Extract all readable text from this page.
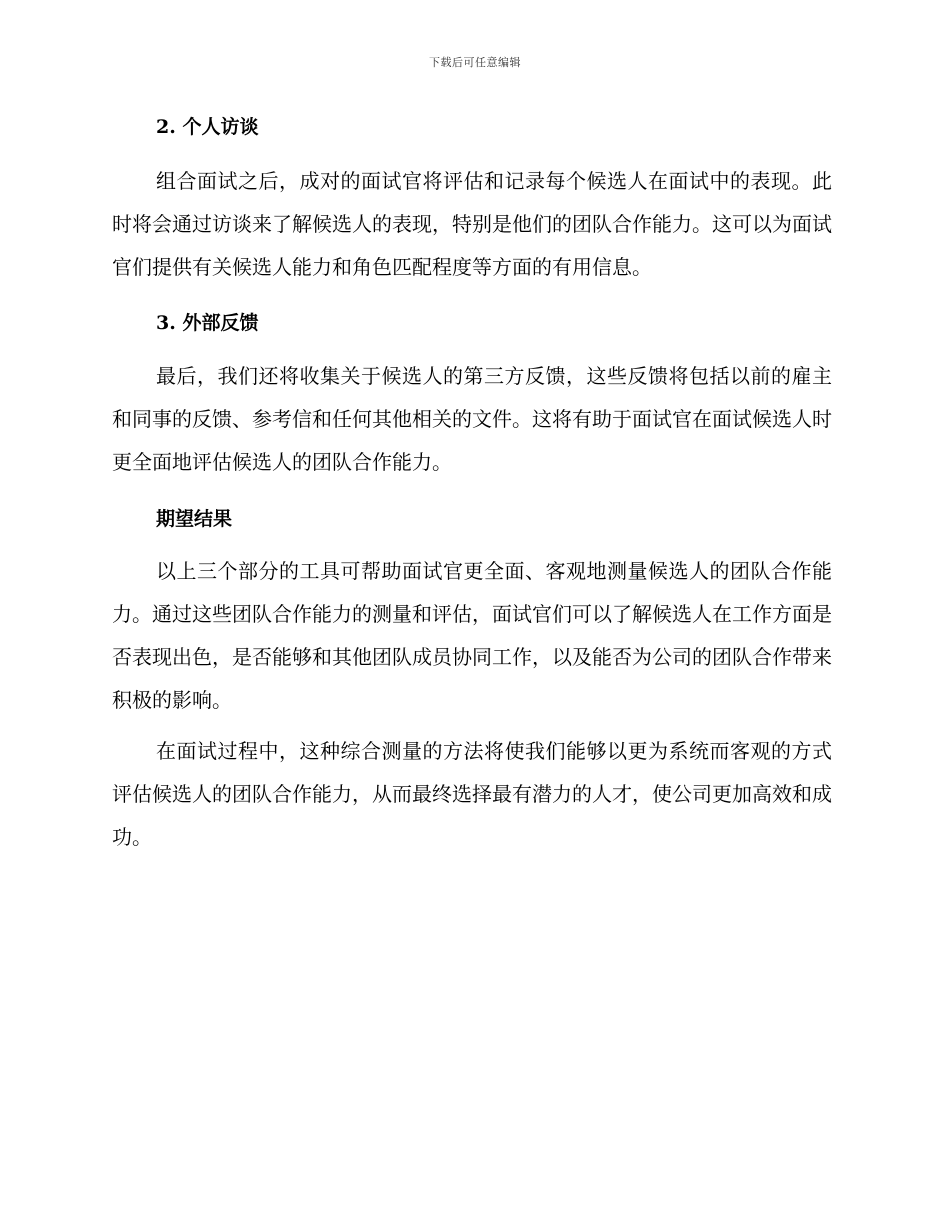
下载后可任意编辑
2. 个人访谈

组合面试之后，成对的面试官将评估和记录每个候选人在面试中的表现。此时将会通过访谈来了解候选人的表现，特别是他们的团队合作能力。这可以为面试官们提供有关候选人能力和角色匹配程度等方面的有用信息。

3. 外部反馈

最后，我们还将收集关于候选人的第三方反馈，这些反馈将包括以前的雇主和同事的反馈、参考信和任何其他相关的文件。这将有助于面试官在面试候选人时更全面地评估候选人的团队合作能力。

期望结果

以上三个部分的工具可帮助面试官更全面、客观地测量候选人的团队合作能力。通过这些团队合作能力的测量和评估，面试官们可以了解候选人在工作方面是否表现出色，是否能够和其他团队成员协同工作，以及能否为公司的团队合作带来积极的影响。

在面试过程中，这种综合测量的方法将使我们能够以更为系统而客观的方式评估候选人的团队合作能力，从而最终选择最有潜力的人才，使公司更加高效和成功。
